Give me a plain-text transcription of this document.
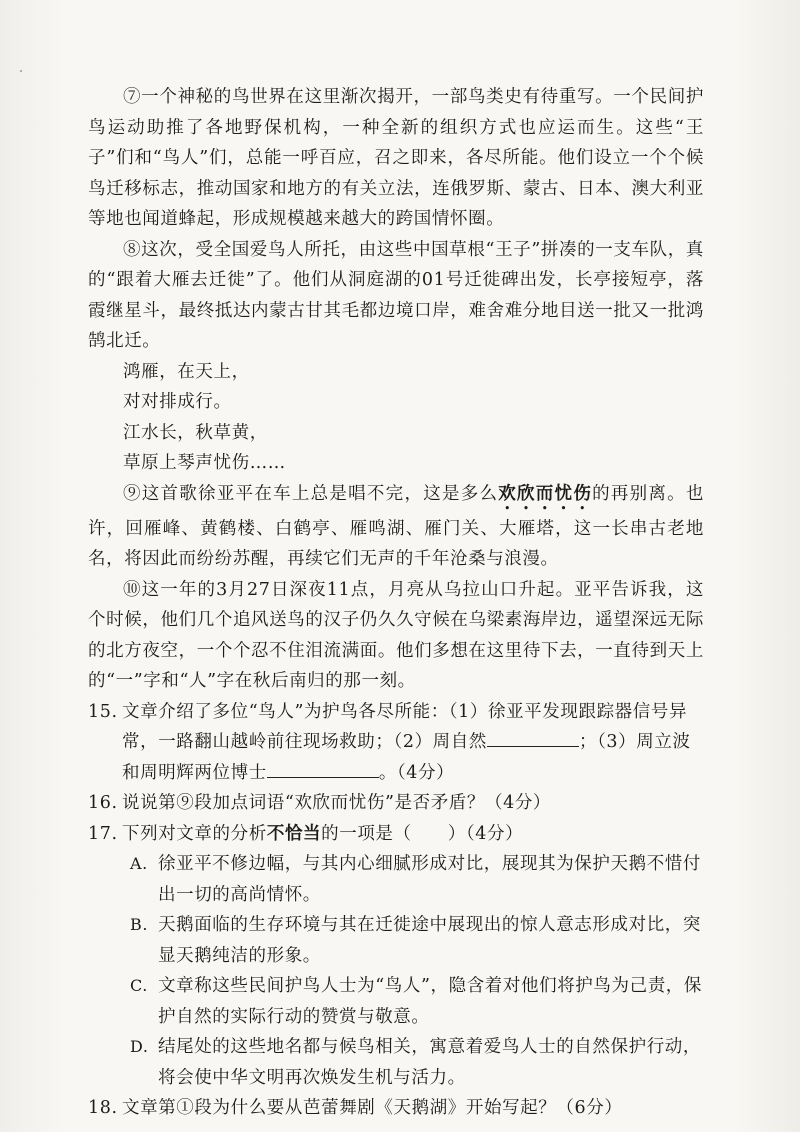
⑦一个神秘的鸟世界在这里渐次揭开，一部鸟类史有待重写。一个民间护鸟运动助推了各地野保机构，一种全新的组织方式也应运而生。这些“王子”们和“鸟人”们，总能一呼百应，召之即来，各尽所能。他们设立一个个候鸟迁移标志，推动国家和地方的有关立法，连俄罗斯、蒙古、日本、澳大利亚等地也闻道蜂起，形成规模越来越大的跨国情怀圈。

⑧这次，受全国爱鸟人所托，由这些中国草根“王子”拼凑的一支车队，真的“跟着大雁去迁徙”了。他们从洞庭湖的01号迁徙碑出发，长亭接短亭，落霞继星斗，最终抵达内蒙古甘其毛都边境口岸，难舍难分地目送一批又一批鸿鹄北迁。

鸿雁，在天上，

对对排成行。

江水长，秋草黄，

草原上琴声忧伤……

⑨这首歌徐亚平在车上总是唱不完，这是多么欢欣而忧伤的再别离。也许，回雁峰、黄鹤楼、白鹤亭、雁鸣湖、雁门关、大雁塔，这一长串古老地名，将因此而纷纷苏醒，再续它们无声的千年沧桑与浪漫。

⑩这一年的3月27日深夜11点，月亮从乌拉山口升起。亚平告诉我，这个时候，他们几个追风送鸟的汉子仍久久守候在乌梁素海岸边，遥望深远无际的北方夜空，一个个忍不住泪流满面。他们多想在这里待下去，一直待到天上的“一”字和“人”字在秋后南归的那一刻。

15. 文章介绍了多位“鸟人”为护鸟各尽所能：（1）徐亚平发现跟踪器信号异常，一路翻山越岭前往现场救助；（2）周自然	；（3）周立波和周明辉两位博士	。（4分）

16. 说说第⑨段加点词语“欢欣而忧伤”是否矛盾？（4分）

17. 下列对文章的分析不恰当的一项是（　　）（4分）

A. 徐亚平不修边幅，与其内心细腻形成对比，展现其为保护天鹅不惜付出一切的高尚情怀。

B. 天鹅面临的生存环境与其在迁徙途中展现出的惊人意志形成对比，突显天鹅纯洁的形象。

C. 文章称这些民间护鸟人士为“鸟人”，隐含着对他们将护鸟为己责，保护自然的实际行动的赞赏与敬意。

D. 结尾处的这些地名都与候鸟相关，寓意着爱鸟人士的自然保护行动，将会使中华文明再次焕发生机与活力。

18. 文章第①段为什么要从芭蕾舞剧《天鹅湖》开始写起？（6分）
